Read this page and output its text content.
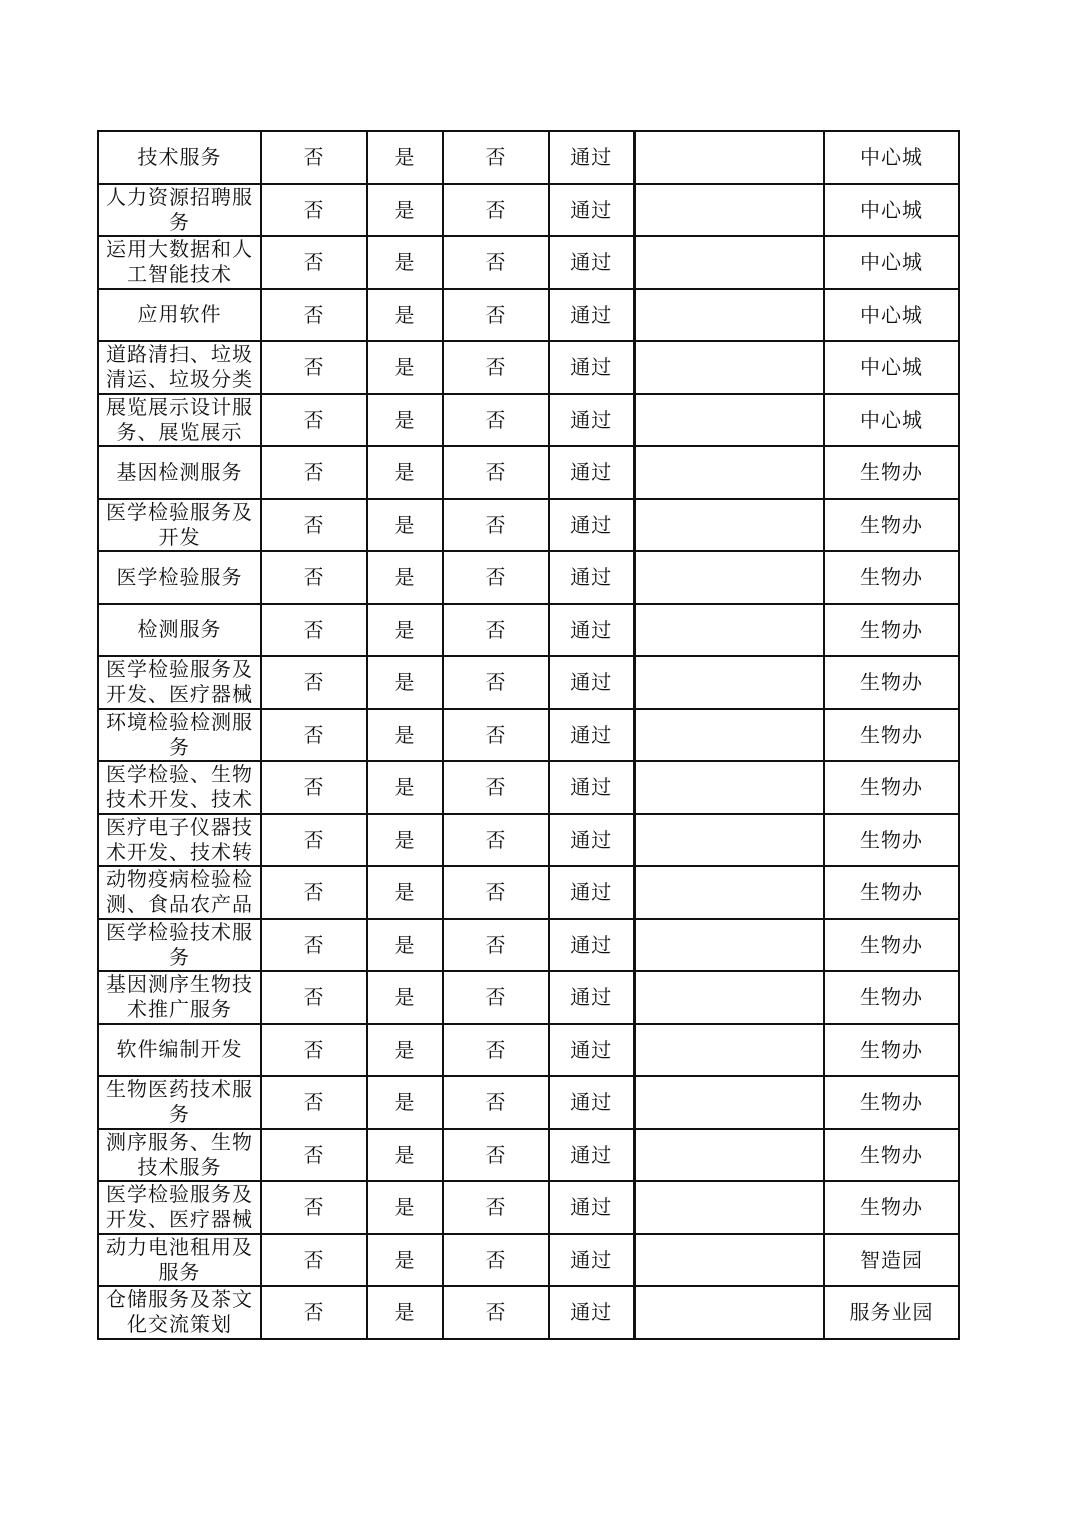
技术服务	否	是	否	通过		中心城
人力资源招聘服务	否	是	否	通过		中心城
运用大数据和人工智能技术	否	是	否	通过		中心城
应用软件	否	是	否	通过		中心城
道路清扫、垃圾清运、垃圾分类	否	是	否	通过		中心城
展览展示设计服务、展览展示	否	是	否	通过		中心城
基因检测服务	否	是	否	通过		生物办
医学检验服务及开发	否	是	否	通过		生物办
医学检验服务	否	是	否	通过		生物办
检测服务	否	是	否	通过		生物办
医学检验服务及开发、医疗器械	否	是	否	通过		生物办
环境检验检测服务	否	是	否	通过		生物办
医学检验、生物技术开发、技术	否	是	否	通过		生物办
医疗电子仪器技术开发、技术转	否	是	否	通过		生物办
动物疫病检验检测、食品农产品	否	是	否	通过		生物办
医学检验技术服务	否	是	否	通过		生物办
基因测序生物技术推广服务	否	是	否	通过		生物办
软件编制开发	否	是	否	通过		生物办
生物医药技术服务	否	是	否	通过		生物办
测序服务、生物技术服务	否	是	否	通过		生物办
医学检验服务及开发、医疗器械	否	是	否	通过		生物办
动力电池租用及服务	否	是	否	通过		智造园
仓储服务及茶文化交流策划	否	是	否	通过		服务业园
